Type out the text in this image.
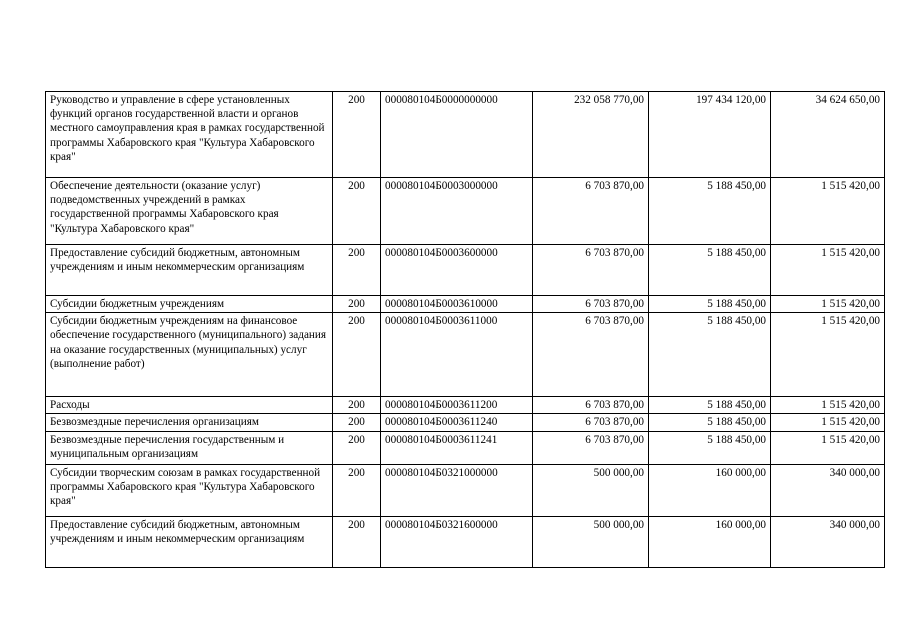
Руководство и управление в сфере установленных функций органов государственной власти и органов местного самоуправления края в рамках государственной программы Хабаровского края "Культура Хабаровского края"	200	000080104Б0000000000	232 058 770,00	197 434 120,00	34 624 650,00
Обеспечение деятельности (оказание услуг) подведомственных учреждений в рамках государственной программы Хабаровского края "Культура Хабаровского края"	200	000080104Б0003000000	6 703 870,00	5 188 450,00	1 515 420,00
Предоставление субсидий бюджетным, автономным учреждениям и иным некоммерческим организациям	200	000080104Б0003600000	6 703 870,00	5 188 450,00	1 515 420,00
Субсидии бюджетным учреждениям	200	000080104Б0003610000	6 703 870,00	5 188 450,00	1 515 420,00
Субсидии бюджетным учреждениям на финансовое обеспечение государственного (муниципального) задания на оказание государственных (муниципальных) услуг (выполнение работ)	200	000080104Б0003611000	6 703 870,00	5 188 450,00	1 515 420,00
Расходы	200	000080104Б0003611200	6 703 870,00	5 188 450,00	1 515 420,00
Безвозмездные перечисления организациям	200	000080104Б0003611240	6 703 870,00	5 188 450,00	1 515 420,00
Безвозмездные перечисления государственным и муниципальным организациям	200	000080104Б0003611241	6 703 870,00	5 188 450,00	1 515 420,00
Субсидии творческим союзам в рамках государственной программы Хабаровского края "Культура Хабаровского края"	200	000080104Б0321000000	500 000,00	160 000,00	340 000,00
Предоставление субсидий бюджетным, автономным учреждениям и иным некоммерческим организациям	200	000080104Б0321600000	500 000,00	160 000,00	340 000,00
